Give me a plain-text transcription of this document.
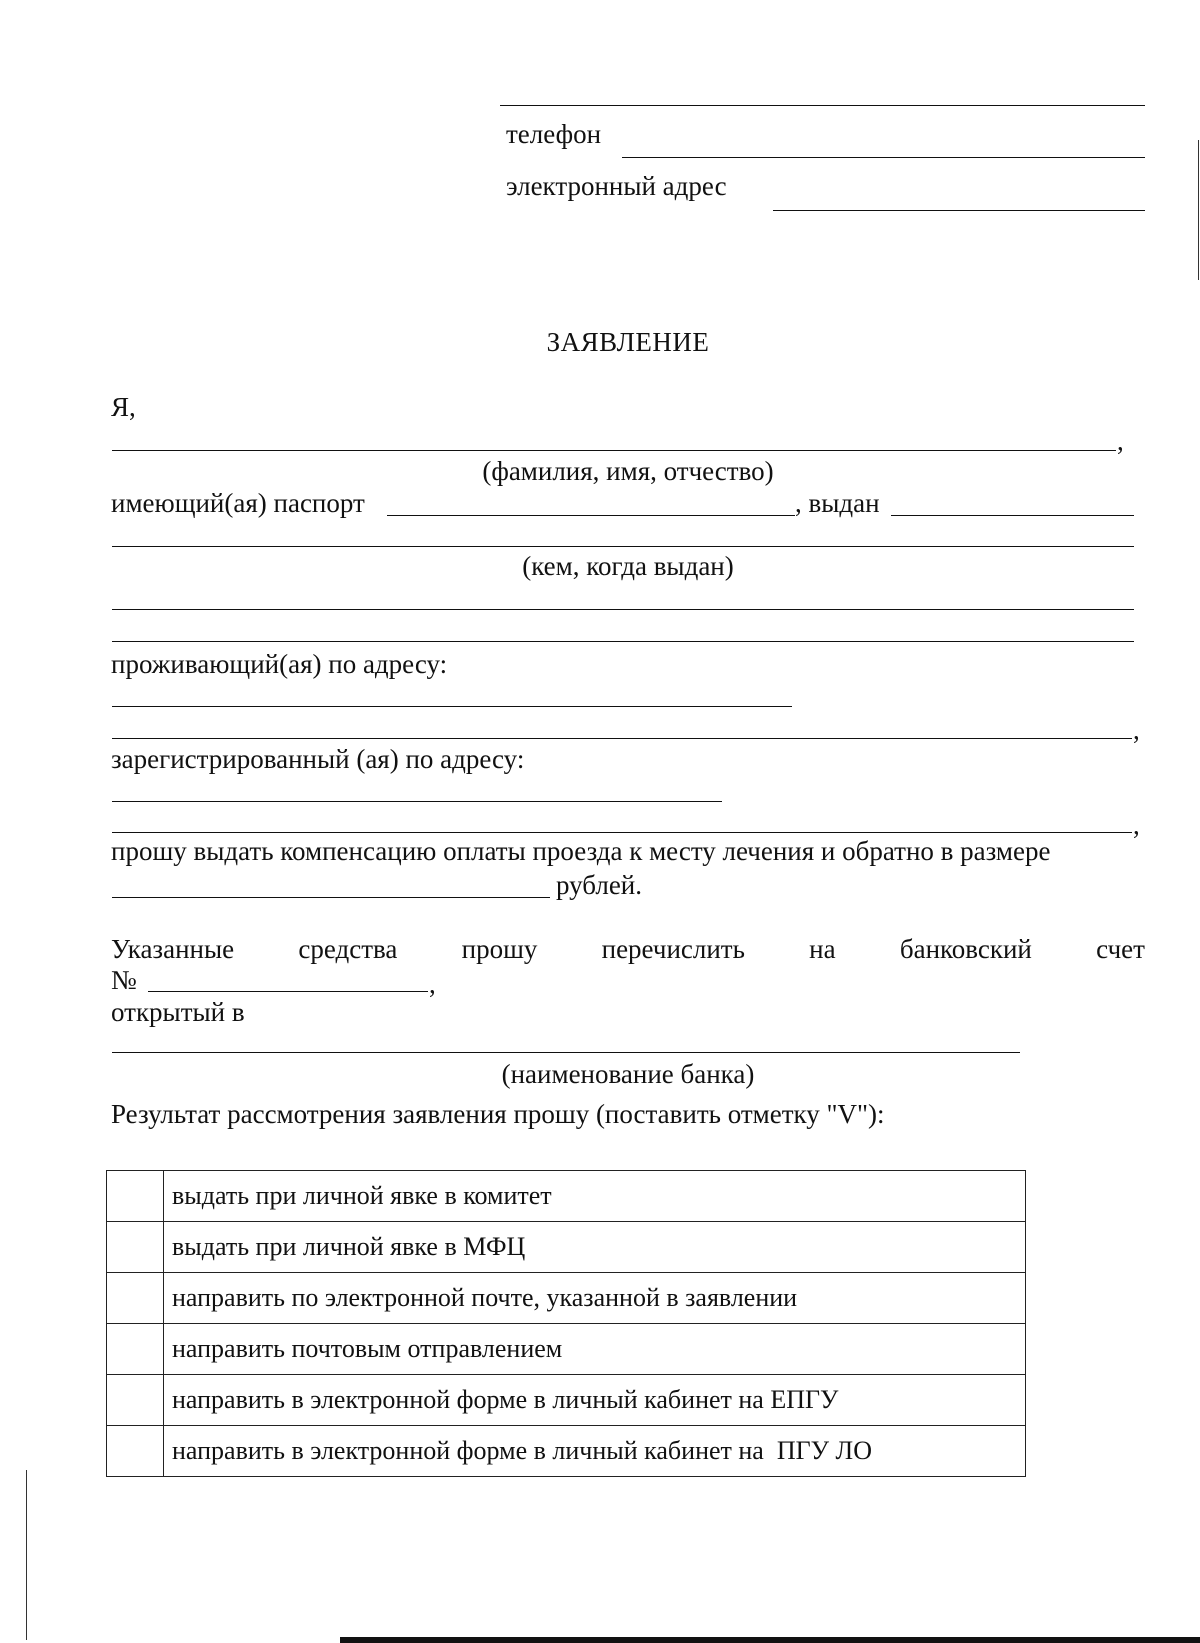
телефон
электронный адрес
ЗАЯВЛЕНИЕ
Я,
,
(фамилия, имя, отчество)
имеющий(ая) паспорт	, выдан
(кем, когда выдан)
проживающий(ая) по адресу:
,
зарегистрированный (ая) по адресу:
,
прошу выдать компенсацию оплаты проезда к месту лечения и обратно в размере
рублей.
Указанные средства прошу перечислить на банковский счет
№	,
открытый в
(наименование банка)
Результат рассмотрения заявления прошу (поставить отметку "V"):
	выдать при личной явке в комитет
	выдать при личной явке в МФЦ
	направить по электронной почте, указанной в заявлении
	направить почтовым отправлением
	направить в электронной форме в личный кабинет на ЕПГУ
	направить в электронной форме в личный кабинет на  ПГУ ЛО
